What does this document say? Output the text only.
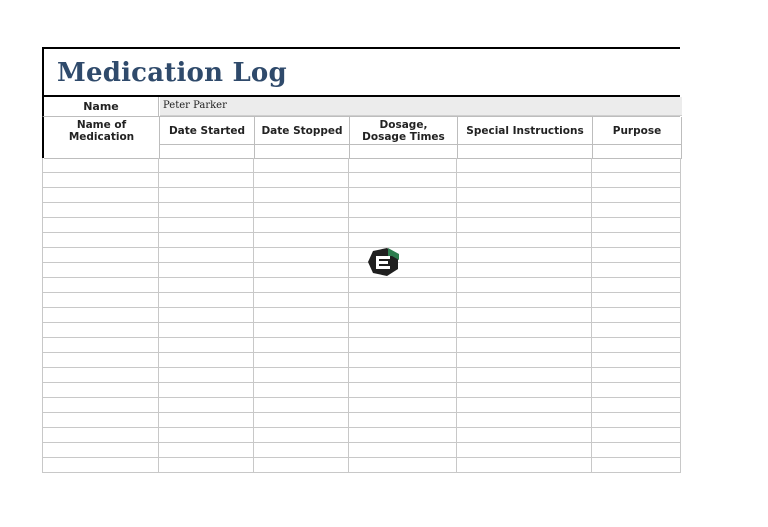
Medication Log
Name	Peter Parker
Name of Medication	Date Started	Date Stopped	Dosage, Dosage Times	Special Instructions	Purpose
